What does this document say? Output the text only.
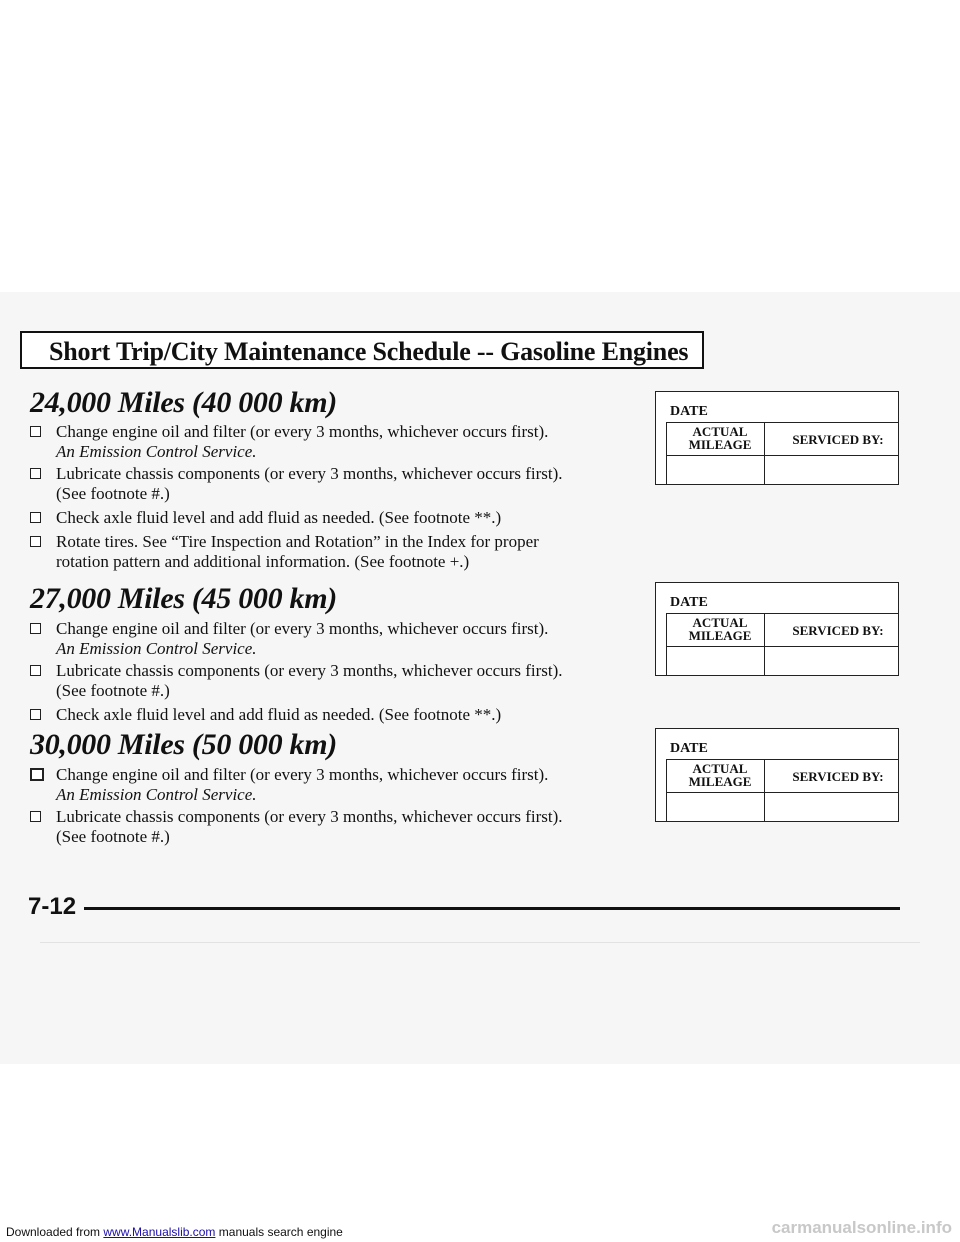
Short Trip/City Maintenance Schedule -- Gasoline Engines
24,000 Miles (40 000 km)
Change engine oil and filter (or every 3 months, whichever occurs first).
An Emission Control Service.
Lubricate chassis components (or every 3 months, whichever occurs first).
(See footnote #.)
Check axle fluid level and add fluid as needed. (See footnote **.)
Rotate tires. See “Tire Inspection and Rotation” in the Index for proper
rotation pattern and additional information. (See footnote +.)
27,000 Miles (45 000 km)
Change engine oil and filter (or every 3 months, whichever occurs first).
An Emission Control Service.
Lubricate chassis components (or every 3 months, whichever occurs first).
(See footnote #.)
Check axle fluid level and add fluid as needed. (See footnote **.)
30,000 Miles (50 000 km)
Change engine oil and filter (or every 3 months, whichever occurs first).
An Emission Control Service.
Lubricate chassis components (or every 3 months, whichever occurs first).
(See footnote #.)
DATE
ACTUAL MILEAGE	SERVICED BY:
DATE
ACTUAL MILEAGE	SERVICED BY:
DATE
ACTUAL MILEAGE	SERVICED BY:
7-12
Downloaded from www.Manualslib.com manuals search engine	carmanualsonline.info
